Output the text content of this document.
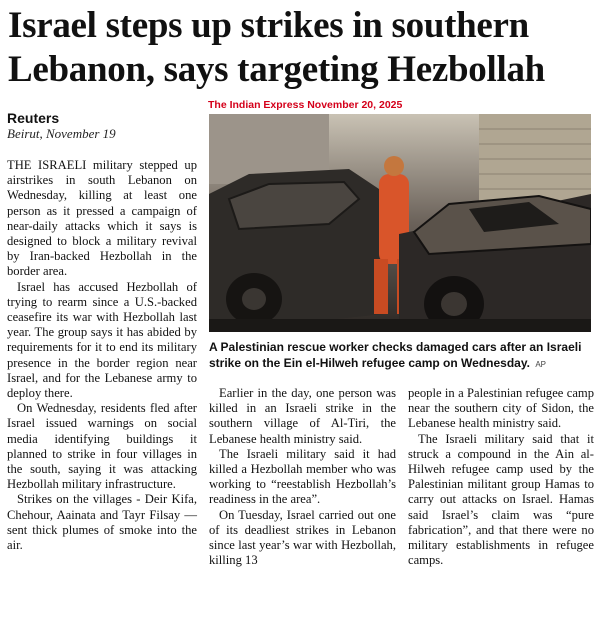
Israel steps up strikes in southern Lebanon, says targeting Hezbollah
The Indian Express November 20, 2025
Reuters
Beirut, November 19

THE ISRAELI military stepped up airstrikes in south Lebanon on Wednesday, killing at least one person as it pressed a campaign of near-daily attacks which it says is designed to block a military revival by Iran-backed Hezbollah in the border area.

Israel has accused Hezbollah of trying to rearm since a U.S.-backed ceasefire its war with Hezbollah last year. The group says it has abided by requirements for it to end its military presence in the border region near Israel, and for the Lebanese army to deploy there.

On Wednesday, residents fled after Israel issued warnings on social media identifying buildings it planned to strike in four villages in the south, saying it was attacking Hezbollah military infrastructure.

Strikes on the villages - Deir Kifa, Chehour, Aainata and Tayr Filsay — sent thick plumes of smoke into the air.

A Palestinian rescue worker checks damaged cars after an Israeli strike on the Ein el-Hilweh refugee camp on Wednesday. AP

Earlier in the day, one person was killed in an Israeli strike in the southern village of Al-Tiri, the Lebanese health ministry said.

The Israeli military said it had killed a Hezbollah member who was working to “reestablish Hezbollah’s readiness in the area”.

On Tuesday, Israel carried out one of its deadliest strikes in Lebanon since last year’s war with Hezbollah, killing 13

people in a Palestinian refugee camp near the southern city of Sidon, the Lebanese health ministry said.

The Israeli military said that it struck a compound in the Ain al-Hilweh refugee camp used by the Palestinian militant group Hamas to carry out attacks on Israel. Hamas said Israel’s claim was “pure fabrication”, and that there were no military establishments in refugee camps.
